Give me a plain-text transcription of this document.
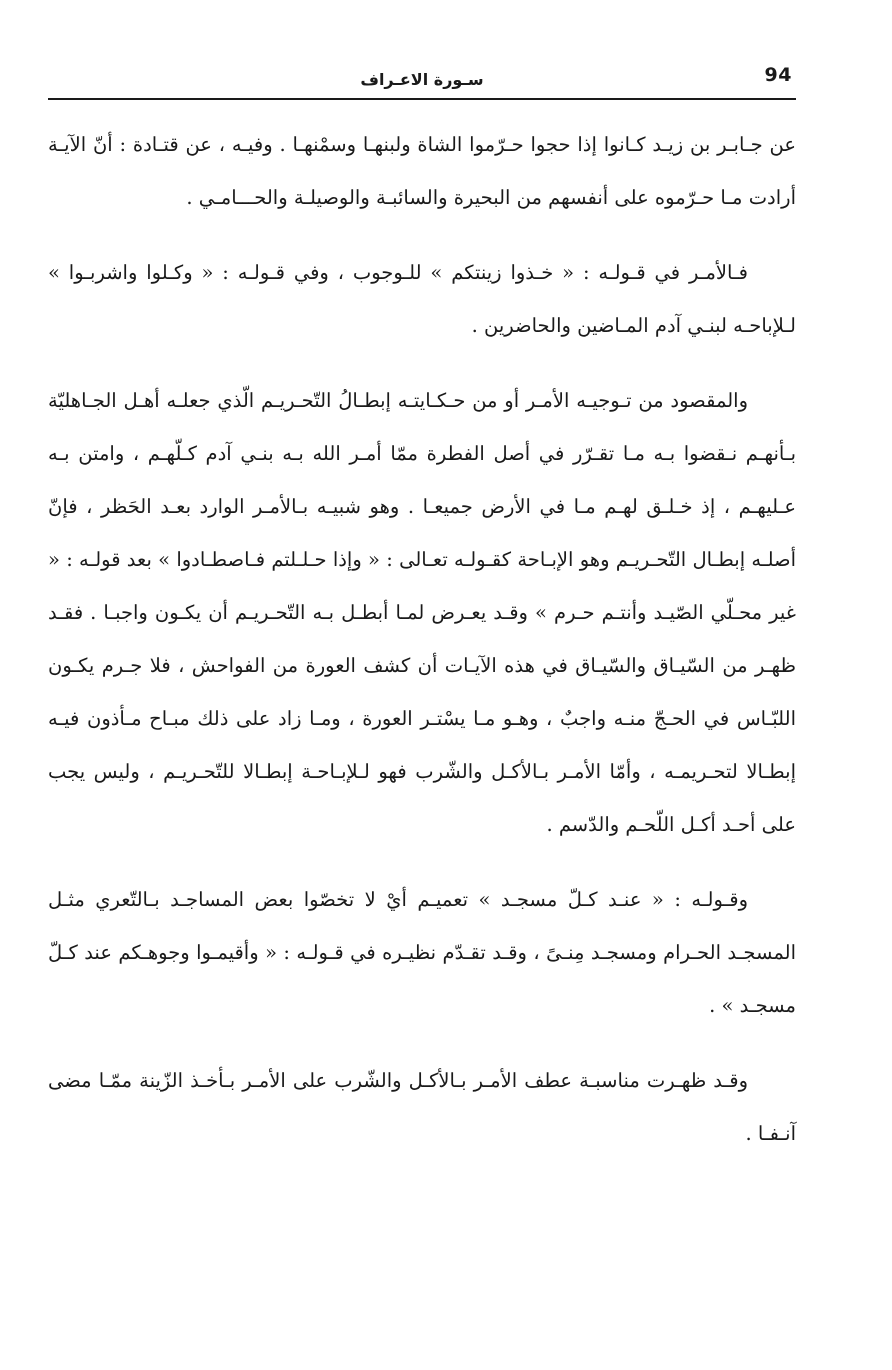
94
سـورة الاعـراف

عن جـابـر بن زيـد كـانوا إذا حجوا حـرّموا الشاة ولبنهـا وسمْنهـا . وفيـه ، عن قتـادة : أنّ الآيـة أرادت مـا حـرّموه على أنفسهم من البحيرة والسائبـة والوصيلـة والحـــامـي .

فـالأمـر في قـولـه : « خـذوا زينتكم » للـوجوب ، وفي قـولـه : « وكـلوا واشربـوا » لـلإباحـه لبنـي آدم المـاضين والحاضرين .

والمقصود من تـوجيـه الأمـر أو من حـكـايتـه إبطـالُ التّحـريـم الّذي جعلـه أهـل الجـاهليّة بـأنهـم نـقضوا بـه مـا تقـرّر في أصل الفطرة ممّا أمـر الله بـه بنـي آدم كـلّهـم ، وامتن بـه عـليهـم ، إذ خـلـق لهـم مـا في الأرض جميعـا . وهو شبيـه بـالأمـر الوارد بعـد الحَظر ، فإنّ أصلـه إبطـال التّحـريـم وهو الإبـاحة كقـولـه تعـالى : « وإذا حـلـلتم فـاصطـادوا » بعد قولـه : « غير محـلّي الصّيـد وأنتـم حـرم » وقـد يعـرض لمـا أبطـل بـه التّحـريـم أن يكـون واجبـا . فقـد ظهـر من السّيـاق والسّيـاق في هذه الآيـات أن كشف العورة من الفواحش ، فلا جـرم يكـون اللبّـاس في الحـجّ منـه واجبٌ ، وهـو مـا يسْتـر العورة ، ومـا زاد على ذلك مبـاح مـأذون فيـه إبطـالا لتحـريمـه ، وأمّا الأمـر بـالأكـل والشّرب فهو لـلإبـاحـة إبطـالا للتّحـريـم ، وليس يجب على أحـد أكـل اللّحـم والدّسم .

وقـولـه : « عنـد كـلّ مسجـد » تعميـم أيْ لا تخصّوا بعض المساجـد بـالتّعري مثـل المسجـد الحـرام ومسجـد مِنـىً ، وقـد تقـدّم نظيـره في قـولـه : « وأقيمـوا وجوهـكم عند كـلّ مسجـد » .

وقـد ظهـرت مناسبـة عطف الأمـر بـالأكـل والشّرب على الأمـر بـأخـذ الزّينة ممّـا مضى آنـفـا .
